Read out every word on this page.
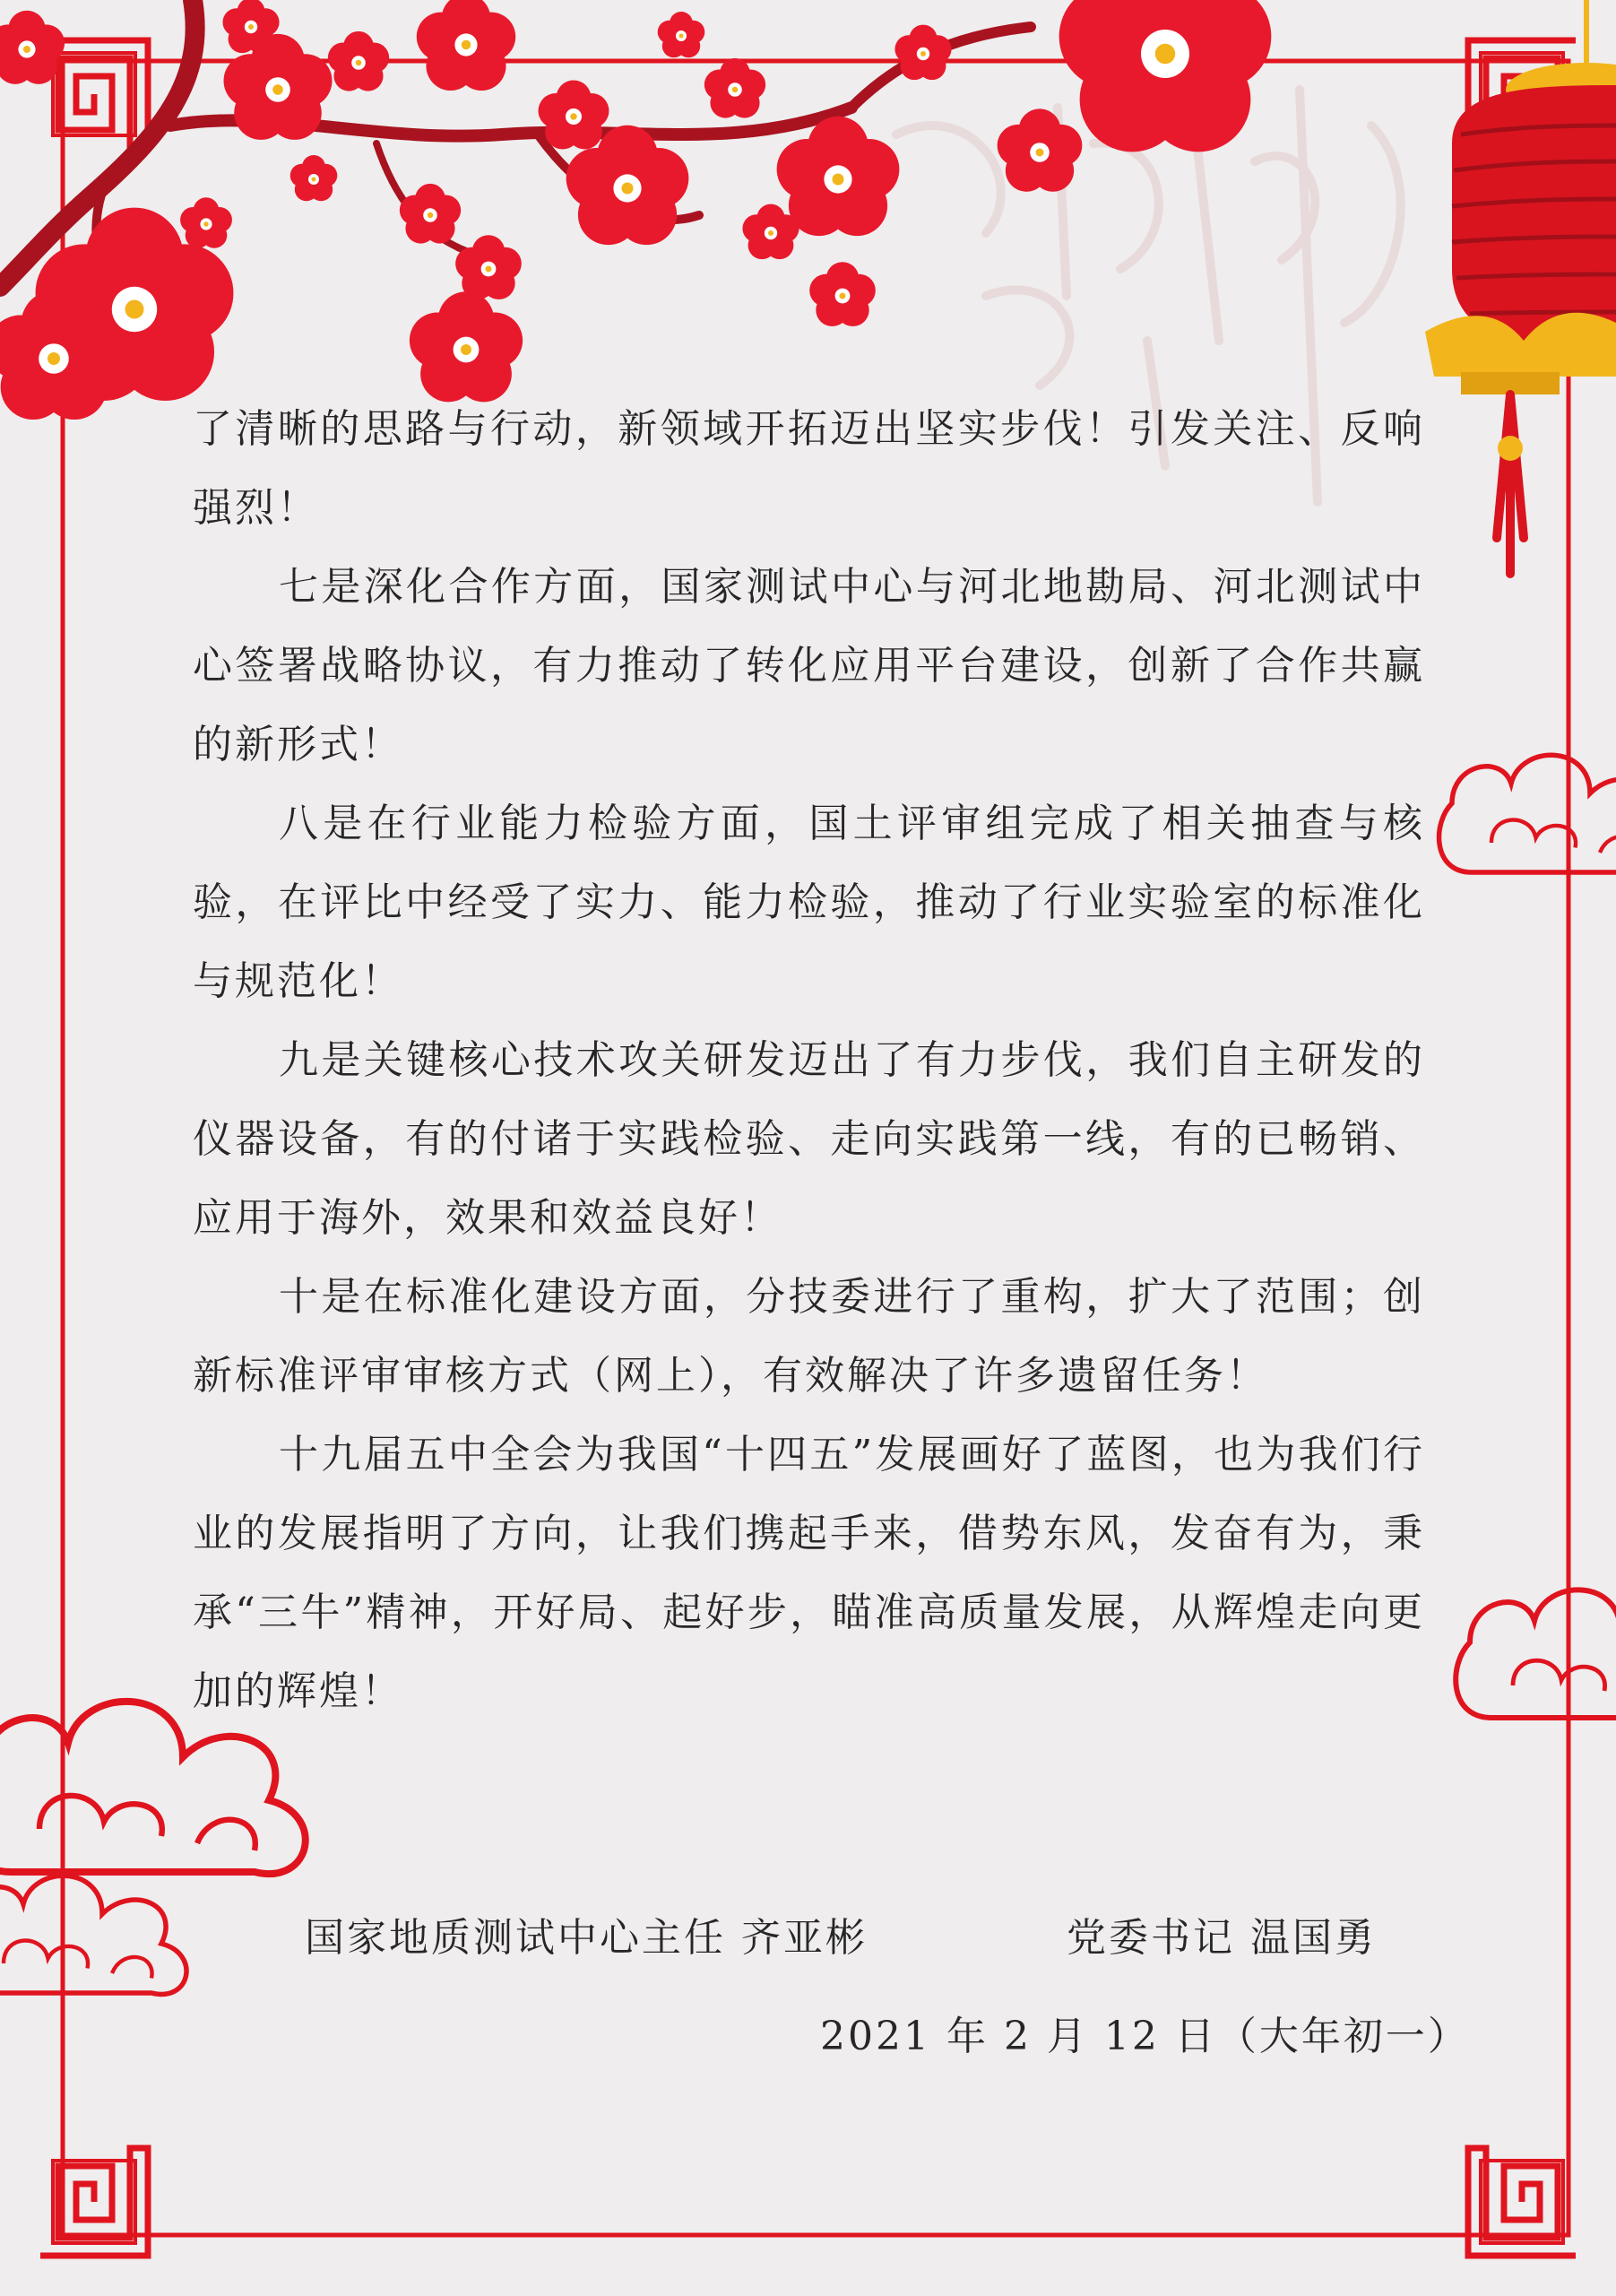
了清晰的思路与行动，新领域开拓迈出坚实步伐！引发关注、反响强烈！

七是深化合作方面，国家测试中心与河北地勘局、河北测试中心签署战略协议，有力推动了转化应用平台建设，创新了合作共赢的新形式！

八是在行业能力检验方面，国土评审组完成了相关抽查与核验，在评比中经受了实力、能力检验，推动了行业实验室的标准化与规范化！

九是关键核心技术攻关研发迈出了有力步伐，我们自主研发的仪器设备，有的付诸于实践检验、走向实践第一线，有的已畅销、应用于海外，效果和效益良好！

十是在标准化建设方面，分技委进行了重构，扩大了范围；创新标准评审审核方式（网上），有效解决了许多遗留任务！

十九届五中全会为我国“十四五”发展画好了蓝图，也为我们行业的发展指明了方向，让我们携起手来，借势东风，发奋有为，秉承“三牛”精神，开好局、起好步，瞄准高质量发展，从辉煌走向更加的辉煌！

国家地质测试中心主任 齐亚彬	党委书记 温国勇
2021 年 2 月 12 日（大年初一）
